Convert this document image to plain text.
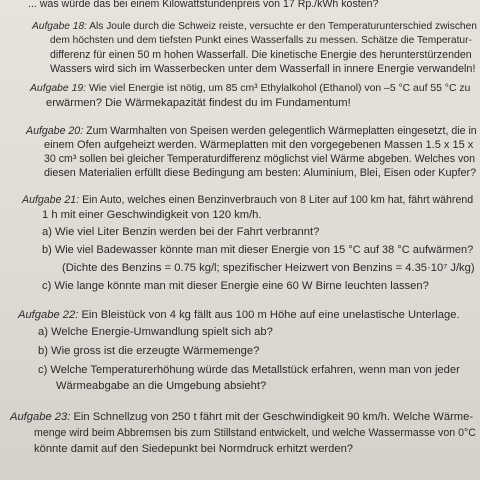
... was würde das bei einem Kilowattstundenpreis von 17 Rp./kWh kosten?
Aufgabe 18: Als Joule durch die Schweiz reiste, versuchte er den Temperaturunterschied zwischen
dem höchsten und dem tiefsten Punkt eines Wasserfalls zu messen. Schätze die Temperatur-
differenz für einen 50 m hohen Wasserfall. Die kinetische Energie des herunterstürzenden
Wassers wird sich im Wasserbecken unter dem Wasserfall in innere Energie verwandeln!
Aufgabe 19: Wie viel Energie ist nötig, um 85 cm³ Ethylalkohol (Ethanol) von –5 °C auf 55 °C zu
erwärmen? Die Wärmekapazität findest du im Fundamentum!
Aufgabe 20: Zum Warmhalten von Speisen werden gelegentlich Wärmeplatten eingesetzt, die in
einem Ofen aufgeheizt werden. Wärmeplatten mit den vorgegebenen Massen 1.5 x 15 x
30 cm³ sollen bei gleicher Temperaturdifferenz möglichst viel Wärme abgeben. Welches von
diesen Materialien erfüllt diese Bedingung am besten: Aluminium, Blei, Eisen oder Kupfer?
Aufgabe 21: Ein Auto, welches einen Benzinverbrauch von 8 Liter auf 100 km hat, fährt während
1 h mit einer Geschwindigkeit von 120 km/h.
a) Wie viel Liter Benzin werden bei der Fahrt verbrannt?
b) Wie viel Badewasser könnte man mit dieser Energie von 15 °C auf 38 °C aufwärmen?
(Dichte des Benzins = 0.75 kg/l; spezifischer Heizwert von Benzins = 4.35·10⁷ J/kg)
c) Wie lange könnte man mit dieser Energie eine 60 W Birne leuchten lassen?
Aufgabe 22: Ein Bleistück von 4 kg fällt aus 100 m Höhe auf eine unelastische Unterlage.
a) Welche Energie-Umwandlung spielt sich ab?
b) Wie gross ist die erzeugte Wärmemenge?
c) Welche Temperaturerhöhung würde das Metallstück erfahren, wenn man von jeder
Wärmeabgabe an die Umgebung absieht?
Aufgabe 23: Ein Schnellzug von 250 t fährt mit der Geschwindigkeit 90 km/h. Welche Wärme-
menge wird beim Abbremsen bis zum Stillstand entwickelt, und welche Wassermasse von 0°C
könnte damit auf den Siedepunkt bei Normdruck erhitzt werden?
